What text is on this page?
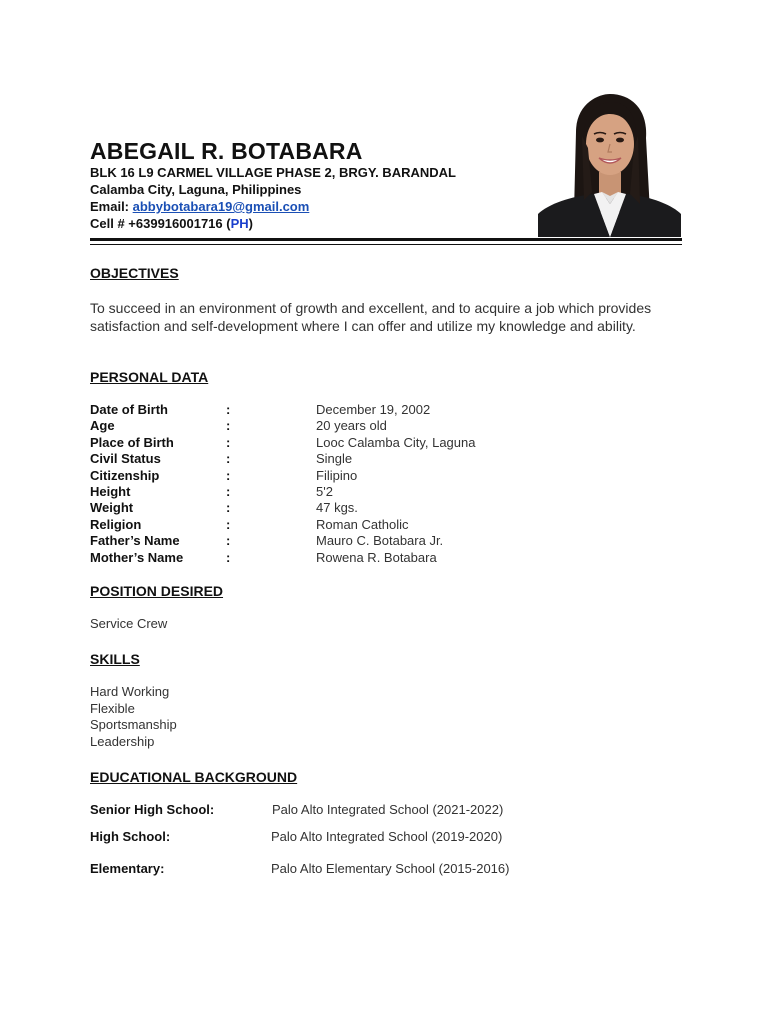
ABEGAIL R. BOTABARA
BLK 16 L9 CARMEL VILLAGE PHASE 2, BRGY. BARANDAL
Calamba City, Laguna, Philippines
Email: abbybotabara19@gmail.com
Cell # +639916001716 (PH)
OBJECTIVES
To succeed in an environment of growth and excellent, and to acquire a job which provides satisfaction and self-development where I can offer and utilize my knowledge and ability.
PERSONAL DATA
Date of Birth	:	December 19, 2002
Age	:	20 years old
Place of Birth	:	Looc Calamba City, Laguna
Civil Status	:	Single
Citizenship	:	Filipino
Height	:	5'2
Weight	:	47 kgs.
Religion	:	Roman Catholic
Father’s Name	:	Mauro C. Botabara Jr.
Mother’s Name	:	Rowena R. Botabara
POSITION DESIRED
Service Crew
SKILLS
Hard Working
Flexible
Sportsmanship
Leadership
EDUCATIONAL BACKGROUND
Senior High School:	Palo Alto Integrated School (2021-2022)
High School:	Palo Alto Integrated School (2019-2020)
Elementary:	Palo Alto Elementary School (2015-2016)
